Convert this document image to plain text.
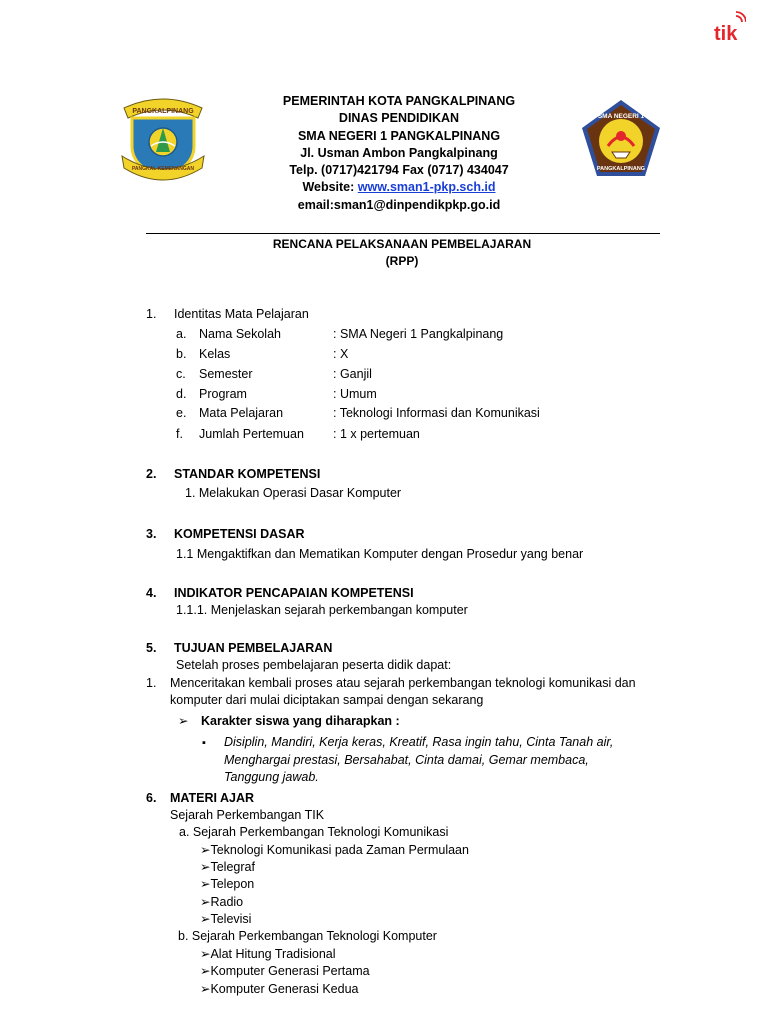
tik
PANGKALPINANG
PANGKAL KEMENANGAN
SMA NEGERI 1
PANGKALPINANG
PEMERINTAH KOTA PANGKALPINANG
DINAS PENDIDIKAN
SMA NEGERI 1 PANGKALPINANG
Jl. Usman Ambon Pangkalpinang
Telp. (0717)421794 Fax (0717) 434047
Website: www.sman1-pkp.sch.id
email:sman1@dinpendikpkp.go.id
RENCANA PELAKSANAAN PEMBELAJARAN
(RPP)
1. Identitas Mata Pelajaran
a. Nama Sekolah	: SMA Negeri 1 Pangkalpinang
b. Kelas	: X
c. Semester	: Ganjil
d. Program	: Umum
e. Mata Pelajaran	: Teknologi Informasi dan Komunikasi
f. Jumlah Pertemuan : 1 x pertemuan
2. STANDAR KOMPETENSI
1. Melakukan Operasi Dasar Komputer
3. KOMPETENSI DASAR
1.1 Mengaktifkan dan Mematikan Komputer dengan Prosedur yang benar
4. INDIKATOR PENCAPAIAN KOMPETENSI
1.1.1. Menjelaskan sejarah perkembangan komputer
5. TUJUAN PEMBELAJARAN
Setelah proses pembelajaran peserta didik dapat:
1. Menceritakan kembali proses atau sejarah perkembangan teknologi komunikasi dan
komputer dari mulai diciptakan sampai dengan sekarang
➢ Karakter siswa yang diharapkan :
▪ Disiplin, Mandiri, Kerja keras, Kreatif, Rasa ingin tahu, Cinta Tanah air,
Menghargai prestasi, Bersahabat, Cinta damai, Gemar membaca,
Tanggung jawab.
6. MATERI AJAR
Sejarah Perkembangan TIK
a. Sejarah Perkembangan Teknologi Komunikasi
➢Teknologi Komunikasi pada Zaman Permulaan
➢Telegraf
➢Telepon
➢Radio
➢Televisi
b. Sejarah Perkembangan Teknologi Komputer
➢Alat Hitung Tradisional
➢Komputer Generasi Pertama
➢Komputer Generasi Kedua
